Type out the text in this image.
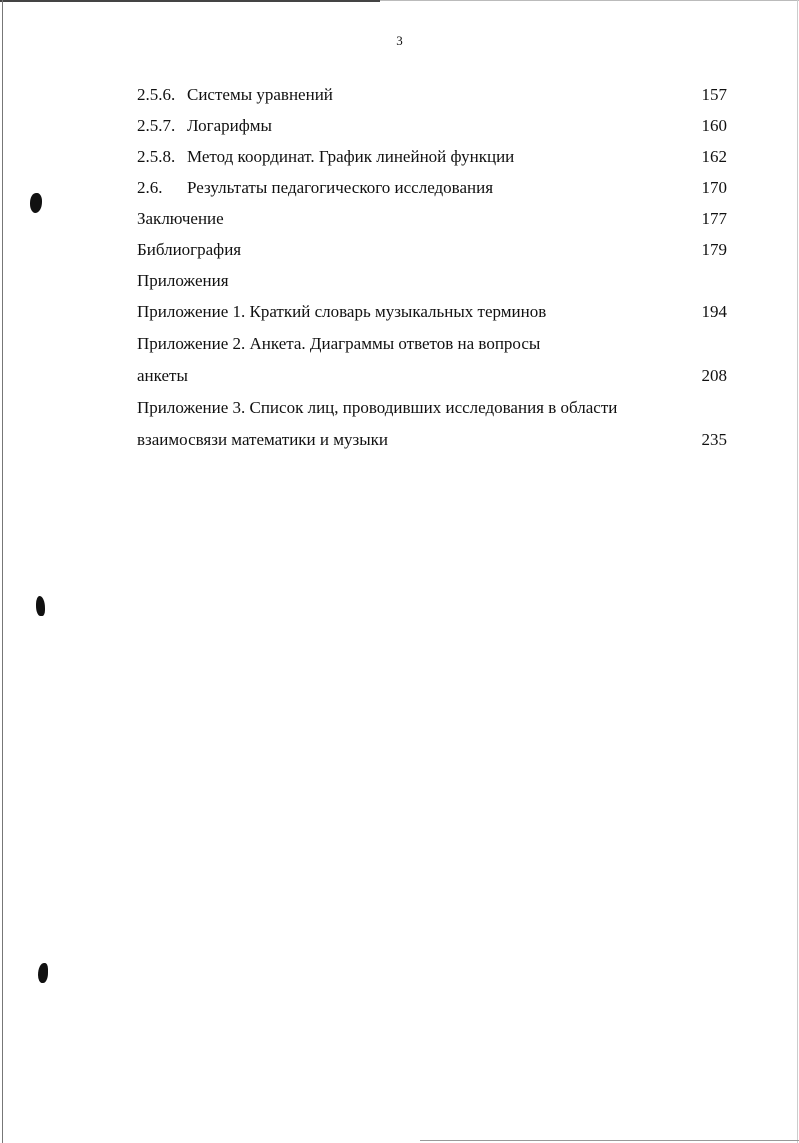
3
2.5.6. Системы уравнений	157
2.5.7. Логарифмы	160
2.5.8. Метод координат. График линейной функции	162
2.6. Результаты педагогического исследования	170
Заключение	177
Библиография	179
Приложения
Приложение 1. Краткий словарь музыкальных терминов	194
Приложение 2. Анкета. Диаграммы ответов на вопросы
анкеты	208
Приложение 3. Список лиц, проводивших исследования в области
взаимосвязи математики и музыки	235
